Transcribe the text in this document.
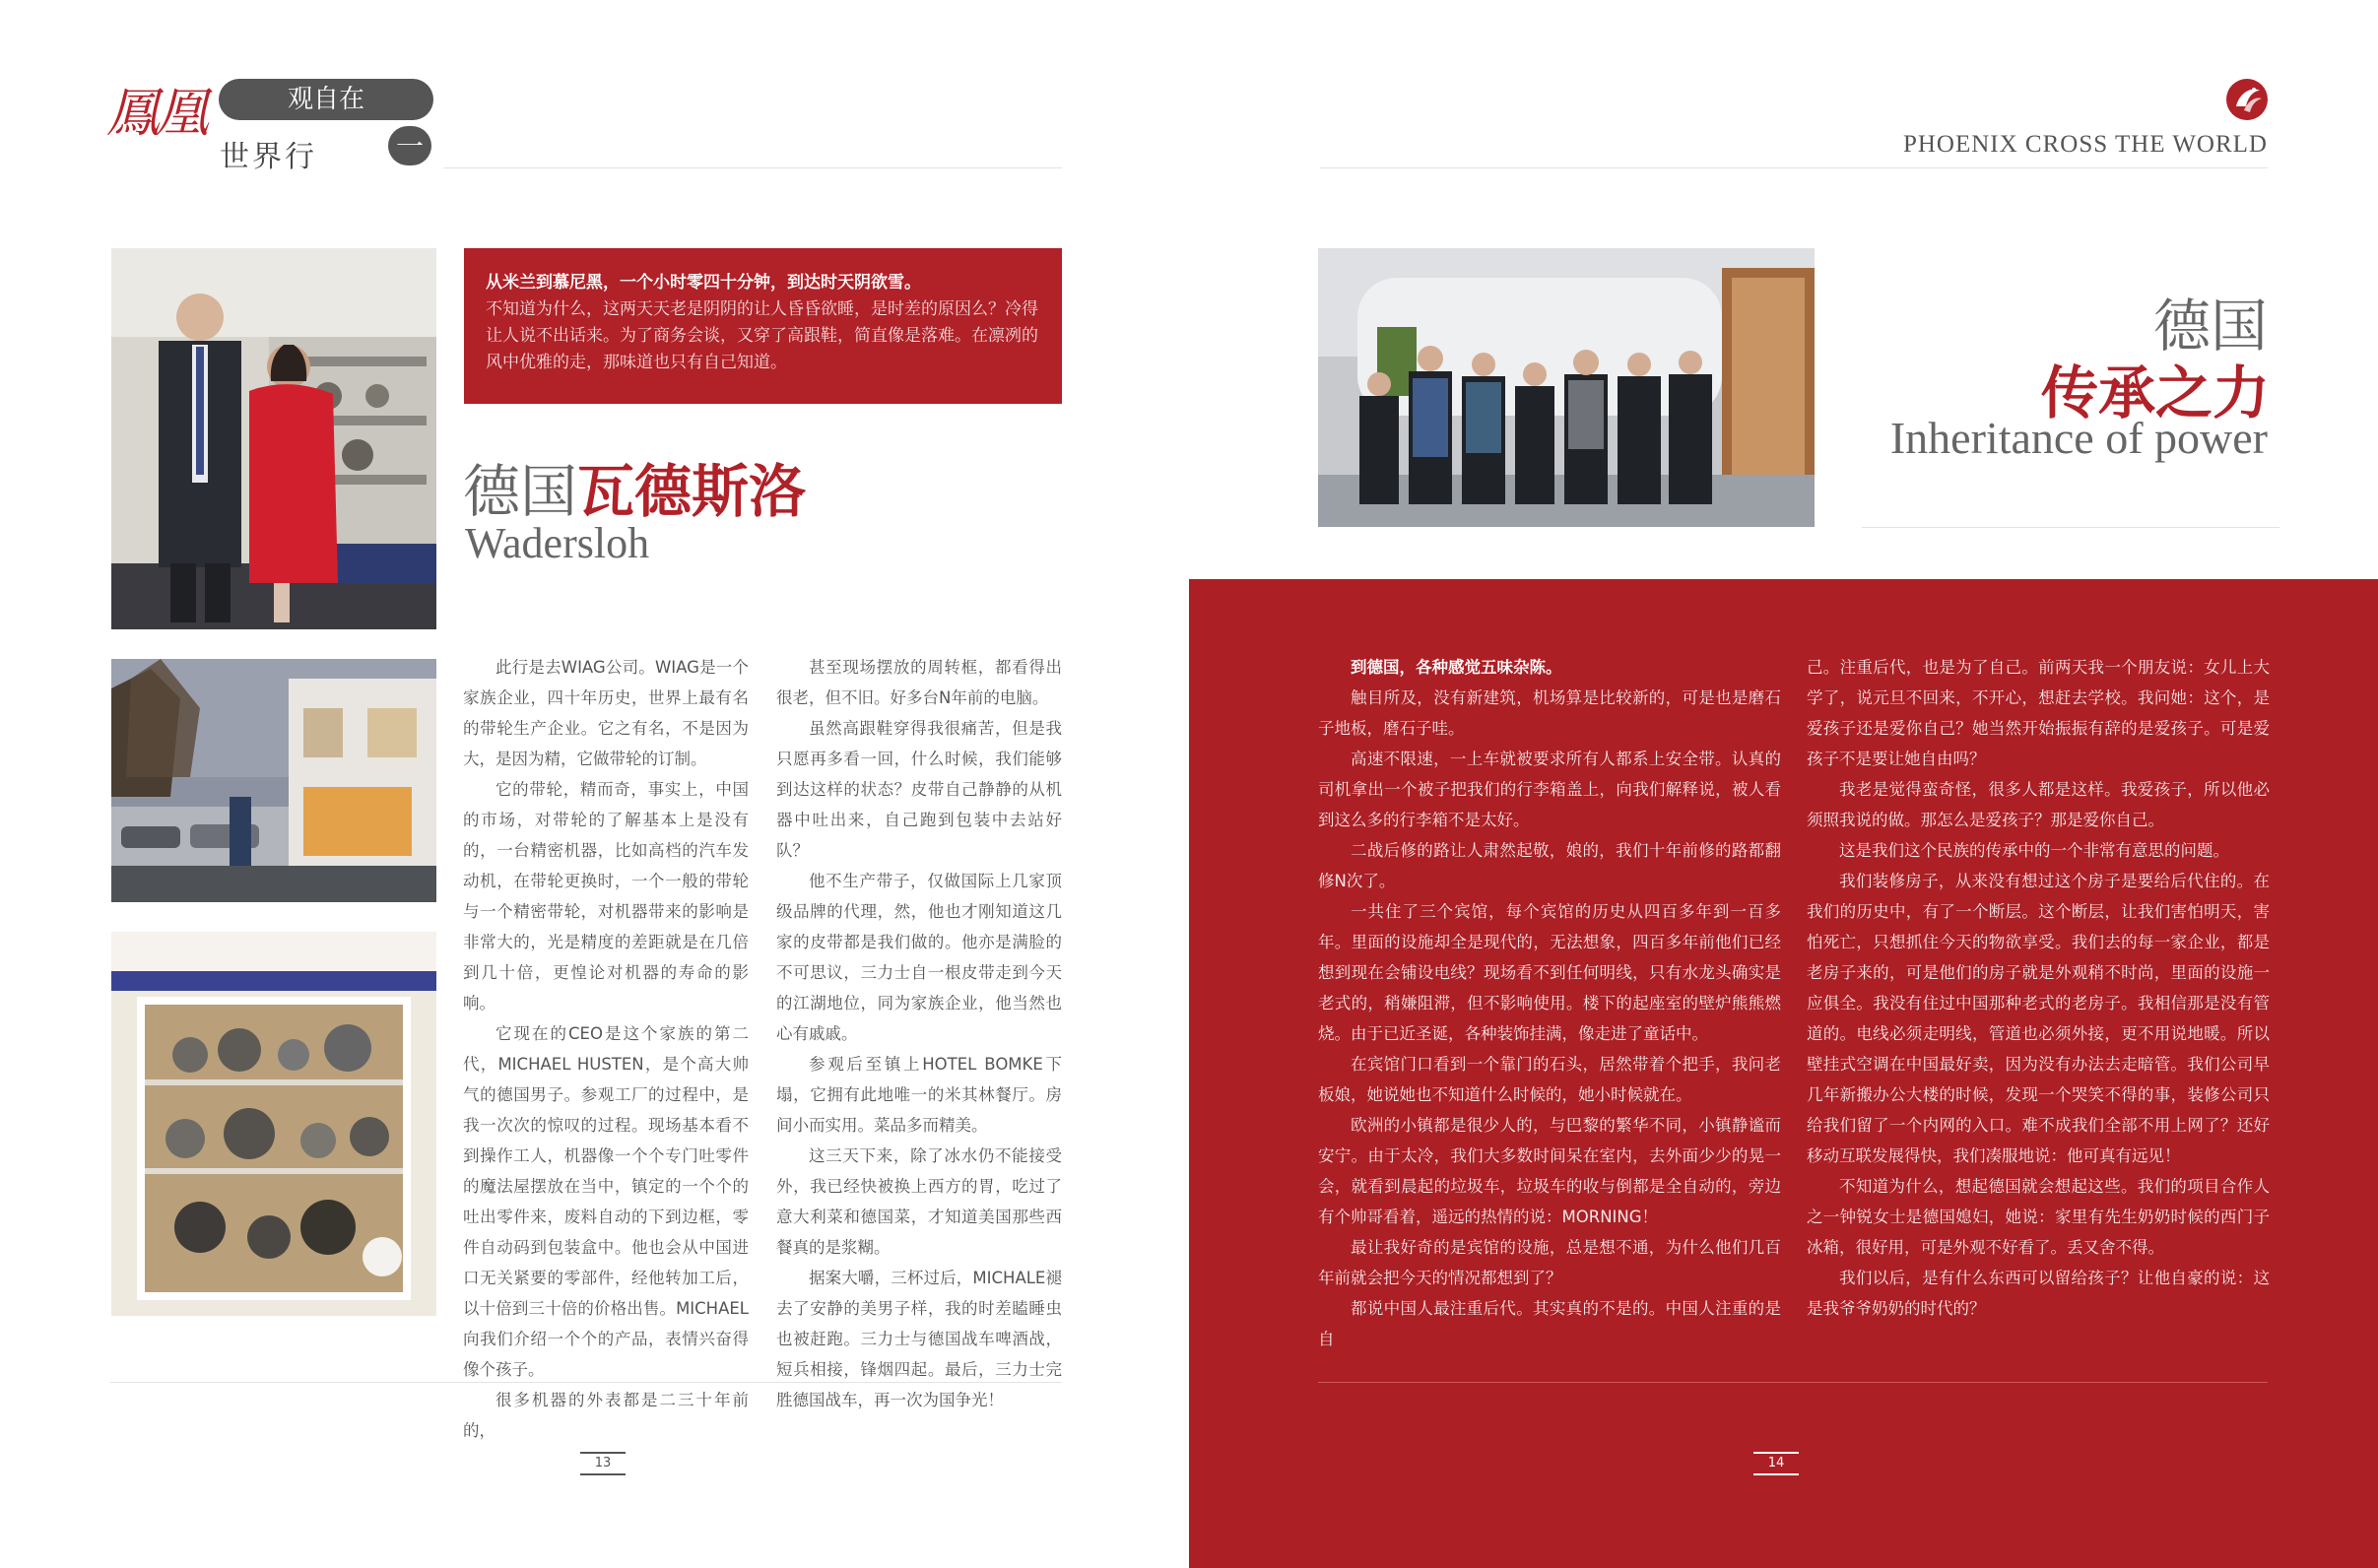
鳳凰	观自在
世界行	一	PHOENIX CROSS THE WORLD
从米兰到慕尼黑，一个小时零四十分钟，到达时天阴欲雪。
不知道为什么，这两天天老是阴阴的让人昏昏欲睡，是时差的原因么？冷得让人说不出话来。为了商务会谈，又穿了高跟鞋，简直像是落难。在凛冽的风中优雅的走，那味道也只有自己知道。
德国瓦德斯洛
Wadersloh

此行是去WIAG公司。WIAG是一个家族企业，四十年历史，世界上最有名的带轮生产企业。它之有名，不是因为大，是因为精，它做带轮的订制。

它的带轮，精而奇，事实上，中国的市场，对带轮的了解基本上是没有的，一台精密机器，比如高档的汽车发动机，在带轮更换时，一个一般的带轮与一个精密带轮，对机器带来的影响是非常大的，光是精度的差距就是在几倍到几十倍，更惶论对机器的寿命的影响。

它现在的CEO是这个家族的第二代，MICHAEL HUSTEN，是个高大帅气的德国男子。参观工厂的过程中，是我一次次的惊叹的过程。现场基本看不到操作工人，机器像一个个专门吐零件的魔法屋摆放在当中，镇定的一个个的吐出零件来，废料自动的下到边框，零件自动码到包装盒中。他也会从中国进口无关紧要的零部件，经他转加工后，以十倍到三十倍的价格出售。MICHAEL向我们介绍一个个的产品，表情兴奋得像个孩子。

很多机器的外表都是二三十年前的，

甚至现场摆放的周转框，都看得出很老，但不旧。好多台N年前的电脑。

虽然高跟鞋穿得我很痛苦，但是我只愿再多看一回，什么时候，我们能够到达这样的状态？皮带自己静静的从机器中吐出来，自己跑到包装中去站好队？

他不生产带子，仅做国际上几家顶级品牌的代理，然，他也才刚知道这几家的皮带都是我们做的。他亦是满脸的不可思议，三力士自一根皮带走到今天的江湖地位，同为家族企业，他当然也心有戚戚。

参观后至镇上HOTEL BOMKE下塌，它拥有此地唯一的米其林餐厅。房间小而实用。菜品多而精美。

这三天下来，除了冰水仍不能接受外，我已经快被换上西方的胃，吃过了意大利菜和德国菜，才知道美国那些西餐真的是浆糊。

据案大嚼，三杯过后，MICHALE褪去了安静的美男子样，我的时差瞌睡虫也被赶跑。三力士与德国战车啤酒战，短兵相接，锋烟四起。最后，三力士完胜德国战车，再一次为国争光！

13
德国
传承之力
Inheritance of power

到德国，各种感觉五味杂陈。

触目所及，没有新建筑，机场算是比较新的，可是也是磨石子地板，磨石子哇。

高速不限速，一上车就被要求所有人都系上安全带。认真的司机拿出一个被子把我们的行李箱盖上，向我们解释说，被人看到这么多的行李箱不是太好。

二战后修的路让人肃然起敬，娘的，我们十年前修的路都翻修N次了。

一共住了三个宾馆，每个宾馆的历史从四百多年到一百多年。里面的设施却全是现代的，无法想象，四百多年前他们已经想到现在会铺设电线？现场看不到任何明线，只有水龙头确实是老式的，稍嫌阻滞，但不影响使用。楼下的起座室的壁炉熊熊燃烧。由于已近圣诞，各种装饰挂满，像走进了童话中。

在宾馆门口看到一个靠门的石头，居然带着个把手，我问老板娘，她说她也不知道什么时候的，她小时候就在。

欧洲的小镇都是很少人的，与巴黎的繁华不同，小镇静谧而安宁。由于太冷，我们大多数时间呆在室内，去外面少少的晃一会，就看到晨起的垃圾车，垃圾车的收与倒都是全自动的，旁边有个帅哥看着，遥远的热情的说：MORNING！

最让我好奇的是宾馆的设施，总是想不通，为什么他们几百年前就会把今天的情况都想到了？

都说中国人最注重后代。其实真的不是的。中国人注重的是自

己。注重后代，也是为了自己。前两天我一个朋友说：女儿上大学了，说元旦不回来，不开心，想赶去学校。我问她：这个，是爱孩子还是爱你自己？她当然开始振振有辞的是爱孩子。可是爱孩子不是要让她自由吗？

我老是觉得蛮奇怪，很多人都是这样。我爱孩子，所以他必须照我说的做。那怎么是爱孩子？那是爱你自己。

这是我们这个民族的传承中的一个非常有意思的问题。

我们装修房子，从来没有想过这个房子是要给后代住的。在我们的历史中，有了一个断层。这个断层，让我们害怕明天，害怕死亡，只想抓住今天的物欲享受。我们去的每一家企业，都是老房子来的，可是他们的房子就是外观稍不时尚，里面的设施一应俱全。我没有住过中国那种老式的老房子。我相信那是没有管道的。电线必须走明线，管道也必须外接，更不用说地暖。所以壁挂式空调在中国最好卖，因为没有办法去走暗管。我们公司早几年新搬办公大楼的时候，发现一个哭笑不得的事，装修公司只给我们留了一个内网的入口。难不成我们全部不用上网了？还好移动互联发展得快，我们凑服地说：他可真有远见！

不知道为什么，想起德国就会想起这些。我们的项目合作人之一钟锐女士是德国媳妇，她说：家里有先生奶奶时候的西门子冰箱，很好用，可是外观不好看了。丢又舍不得。

我们以后，是有什么东西可以留给孩子？让他自豪的说：这是我爷爷奶奶的时代的？

14
